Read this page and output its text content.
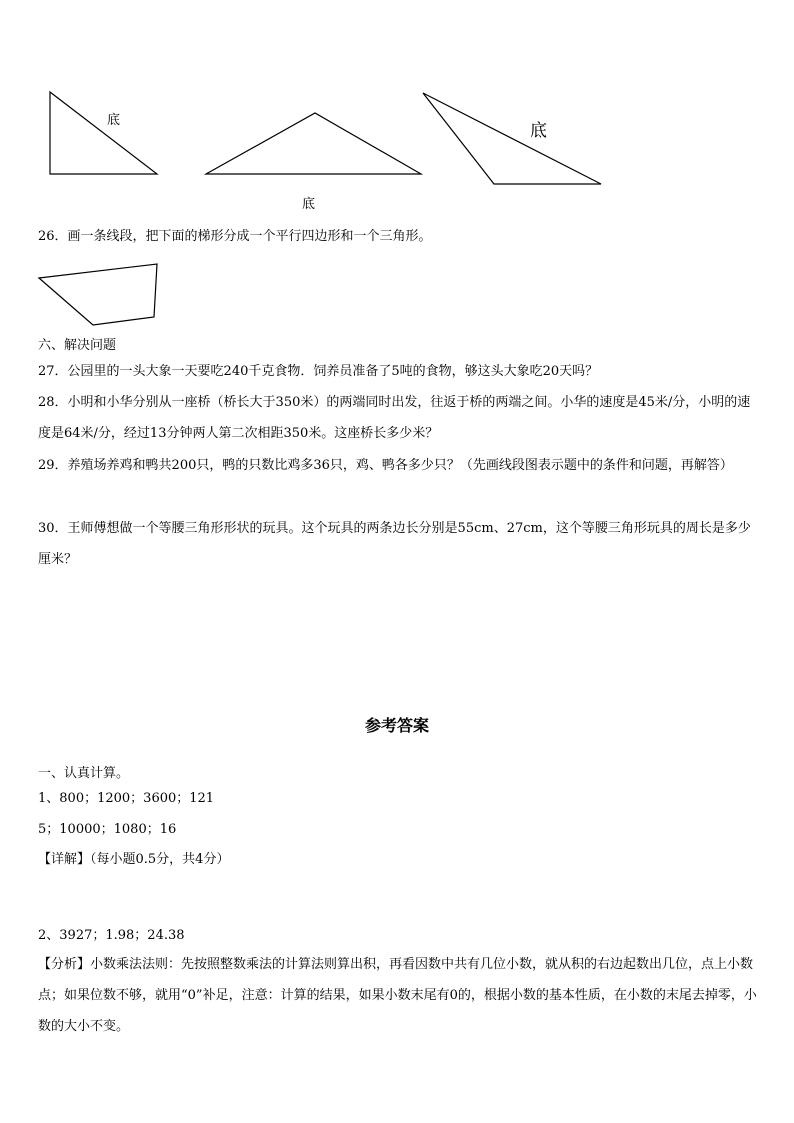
底
底
底
26．画一条线段，把下面的梯形分成一个平行四边形和一个三角形。
六、解决问题
27．公园里的一头大象一天要吃240千克食物．饲养员准备了5吨的食物，够这头大象吃20天吗？
28．小明和小华分别从一座桥（桥长大于350米）的两端同时出发，往返于桥的两端之间。小华的速度是45米/分，小明的速度是64米/分，经过13分钟两人第二次相距350米。这座桥长多少米？
29．养殖场养鸡和鸭共200只，鸭的只数比鸡多36只，鸡、鸭各多少只？（先画线段图表示题中的条件和问题，再解答）
30．王师傅想做一个等腰三角形形状的玩具。这个玩具的两条边长分别是55cm、27cm，这个等腰三角形玩具的周长是多少厘米？
参考答案
一、认真计算。
1、800；1200；3600；121
5；10000；1080；16
【详解】（每小题0.5分，共4分）
2、3927；1.98；24.38
【分析】小数乘法法则：先按照整数乘法的计算法则算出积，再看因数中共有几位小数，就从积的右边起数出几位，点上小数点；如果位数不够，就用“0”补足，注意：计算的结果，如果小数末尾有0的，根据小数的基本性质，在小数的末尾去掉零，小数的大小不变。
